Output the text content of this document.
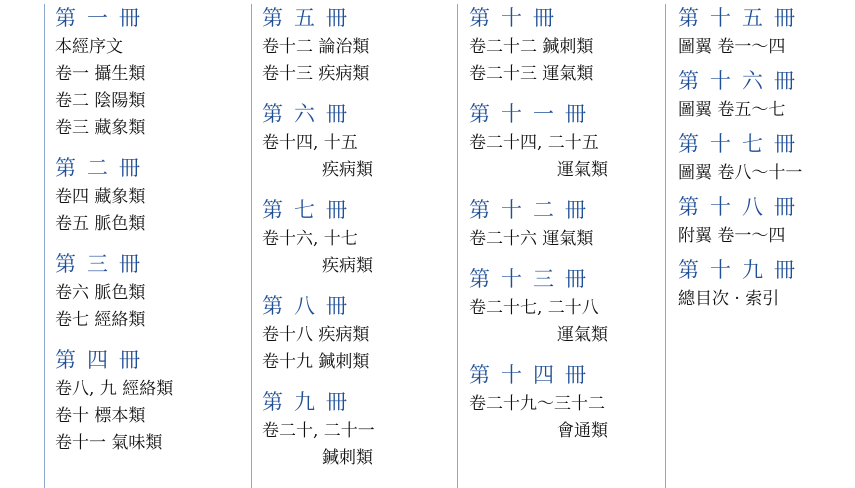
第一冊
本經序文
卷一 攝生類
卷二 陰陽類
卷三 藏象類
第二冊
卷四 藏象類
卷五 脈色類
第三冊
卷六 脈色類
卷七 經絡類
第四冊
卷八, 九 經絡類
卷十 標本類
卷十一 氣味類
第五冊
卷十二 論治類
卷十三 疾病類
第六冊
卷十四, 十五
疾病類
第七冊
卷十六, 十七
疾病類
第八冊
卷十八 疾病類
卷十九 鍼刺類
第九冊
卷二十, 二十一
鍼刺類
第十冊
卷二十二 鍼刺類
卷二十三 運氣類
第十一冊
卷二十四, 二十五
運氣類
第十二冊
卷二十六 運氣類
第十三冊
卷二十七, 二十八
運氣類
第十四冊
卷二十九～三十二
會通類
第十五冊
圖翼 卷一～四
第十六冊
圖翼 卷五～七
第十七冊
圖翼 卷八～十一
第十八冊
附翼 卷一～四
第十九冊
總目次 · 索引
